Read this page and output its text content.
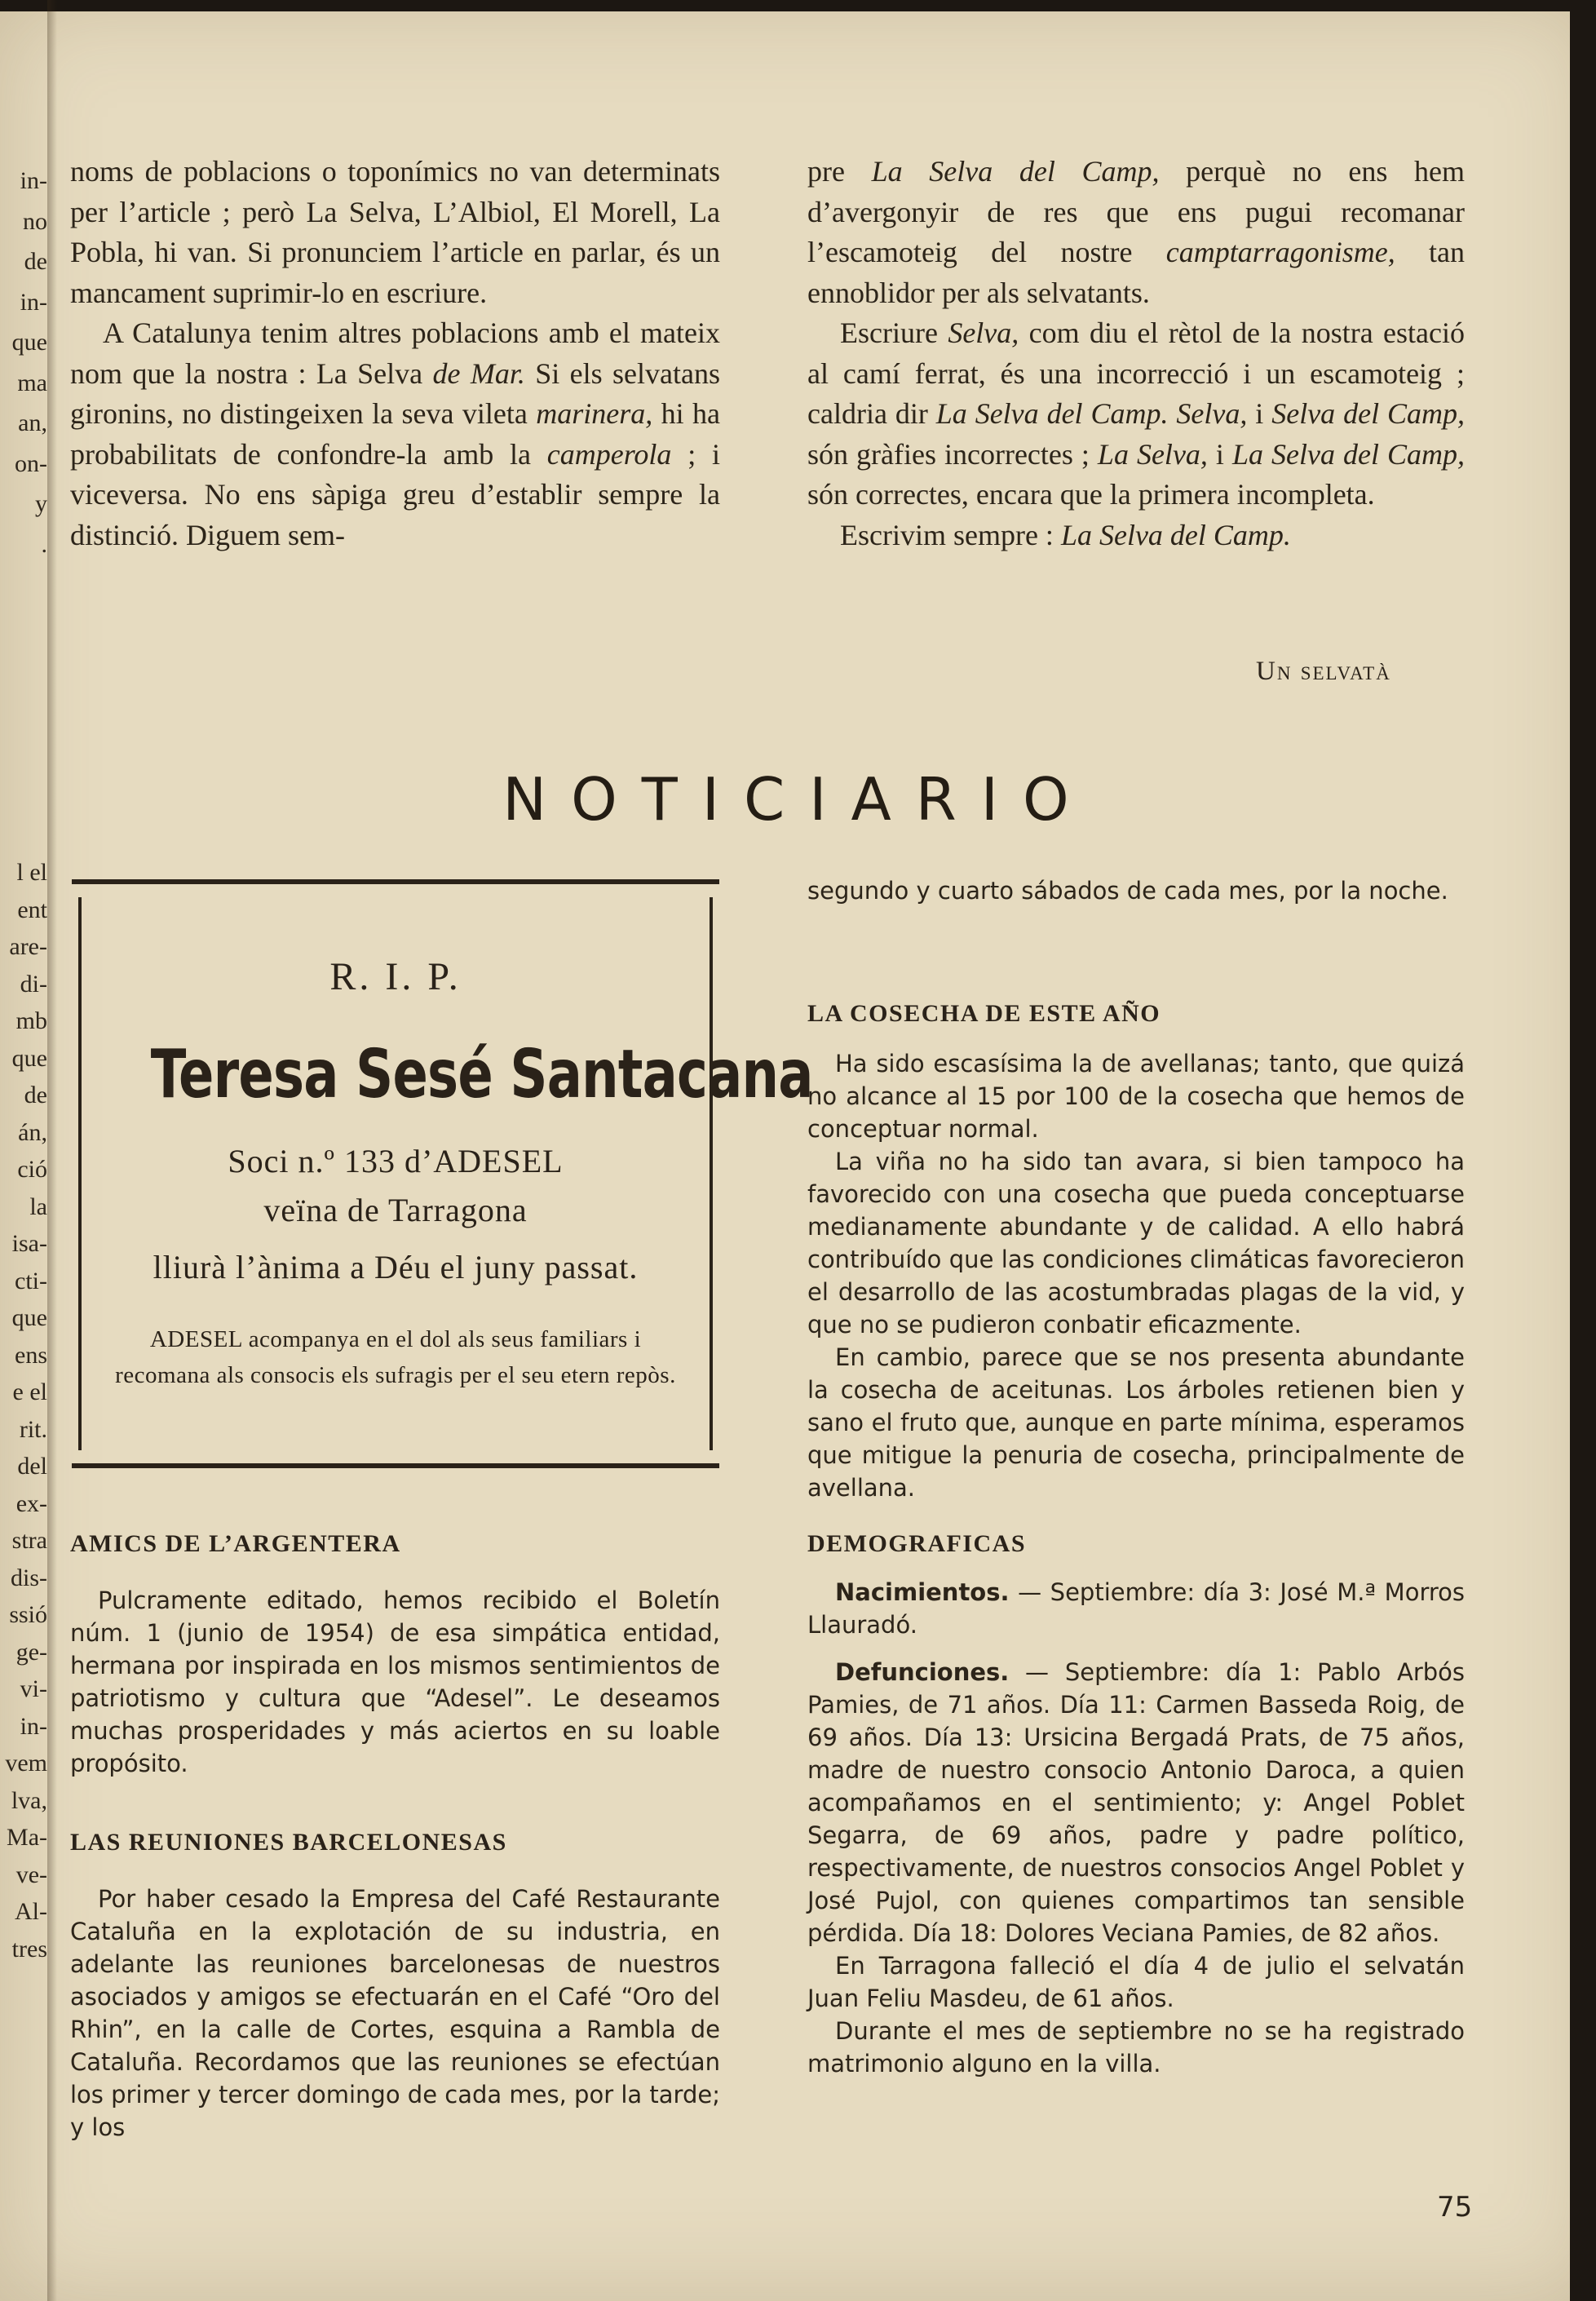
in-
no
de
in-
que
ma
an,
on-
y
.
l el
ent
are-
di-
mb
que
de
án,
ció
la
isa-
cti-
que
ens
e el
rit.
del
ex-
stra
dis-
ssió
ge-
vi-
in-
vem
lva,
Ma-
ve-
Al-
tres

noms de poblacions o toponímics no van determinats per l’article ; però La Selva, L’Albiol, El Morell, La Pobla, hi van. Si pronunciem l’article en parlar, és un mancament suprimir-lo en escriure.

A Catalunya tenim altres poblacions amb el mateix nom que la nostra : La Selva de Mar. Si els selvatans gironins, no distingeixen la seva vileta marinera, hi ha probabilitats de confondre-la amb la camperola ; i viceversa. No ens sàpiga greu d’establir sempre la distinció. Diguem sem-

pre La Selva del Camp, perquè no ens hem d’avergonyir de res que ens pugui recomanar l’escamoteig del nostre camptarragonisme, tan ennoblidor per als selvatants.

Escriure Selva, com diu el rètol de la nostra estació al camí ferrat, és una incorrecció i un escamoteig ; caldria dir La Selva del Camp. Selva, i Selva del Camp, són gràfies incorrectes ; La Selva, i La Selva del Camp, són correctes, encara que la primera incompleta.

Escrivim sempre : La Selva del Camp.

Un selvatà
NOTICIARIO
R. I. P.
Teresa Sesé Santacana
Soci n.º 133 d’ADESEL
veïna de Tarragona
lliurà l’ànima a Déu el juny passat.
ADESEL acompanya en el dol als seus familiars i recomana als consocis els sufragis per el seu etern repòs.
AMICS DE L’ARGENTERA

Pulcramente editado, hemos recibido el Boletín núm. 1 (junio de 1954) de esa simpática entidad, hermana por inspirada en los mismos sentimientos de patriotismo y cultura que “Adesel”. Le deseamos muchas prosperidades y más aciertos en su loable propósito.

LAS REUNIONES BARCELONESAS

Por haber cesado la Empresa del Café Restaurante Cataluña en la explotación de su industria, en adelante las reuniones barcelonesas de nuestros asociados y amigos se efectuarán en el Café “Oro del Rhin”, en la calle de Cortes, esquina a Rambla de Cataluña. Recordamos que las reuniones se efectúan los primer y tercer domingo de cada mes, por la tarde; y los

segundo y cuarto sábados de cada mes, por la noche.

LA COSECHA DE ESTE AÑO

Ha sido escasísima la de avellanas; tanto, que quizá no alcance al 15 por 100 de la cosecha que hemos de conceptuar normal.

La viña no ha sido tan avara, si bien tampoco ha favorecido con una cosecha que pueda conceptuarse medianamente abundante y de calidad. A ello habrá contribuído que las condiciones climáticas favorecieron el desarrollo de las acostumbradas plagas de la vid, y que no se pudieron conbatir eficazmente.

En cambio, parece que se nos presenta abundante la cosecha de aceitunas. Los árboles retienen bien y sano el fruto que, aunque en parte mínima, esperamos que mitigue la penuria de cosecha, principalmente de avellana.

DEMOGRAFICAS

Nacimientos. — Septiembre: día 3: José M.ª Morros Llauradó.

Defunciones. — Septiembre: día 1: Pablo Arbós Pamies, de 71 años. Día 11: Carmen Basseda Roig, de 69 años. Día 13: Ursicina Bergadá Prats, de 75 años, madre de nuestro consocio Antonio Daroca, a quien acompañamos en el sentimiento; y: Angel Poblet Segarra, de 69 años, padre y padre político, respectivamente, de nuestros consocios Angel Poblet y José Pujol, con quienes compartimos tan sensible pérdida. Día 18: Dolores Veciana Pamies, de 82 años.

En Tarragona falleció el día 4 de julio el selvatán Juan Feliu Masdeu, de 61 años.

Durante el mes de septiembre no se ha registrado matrimonio alguno en la villa.

75
